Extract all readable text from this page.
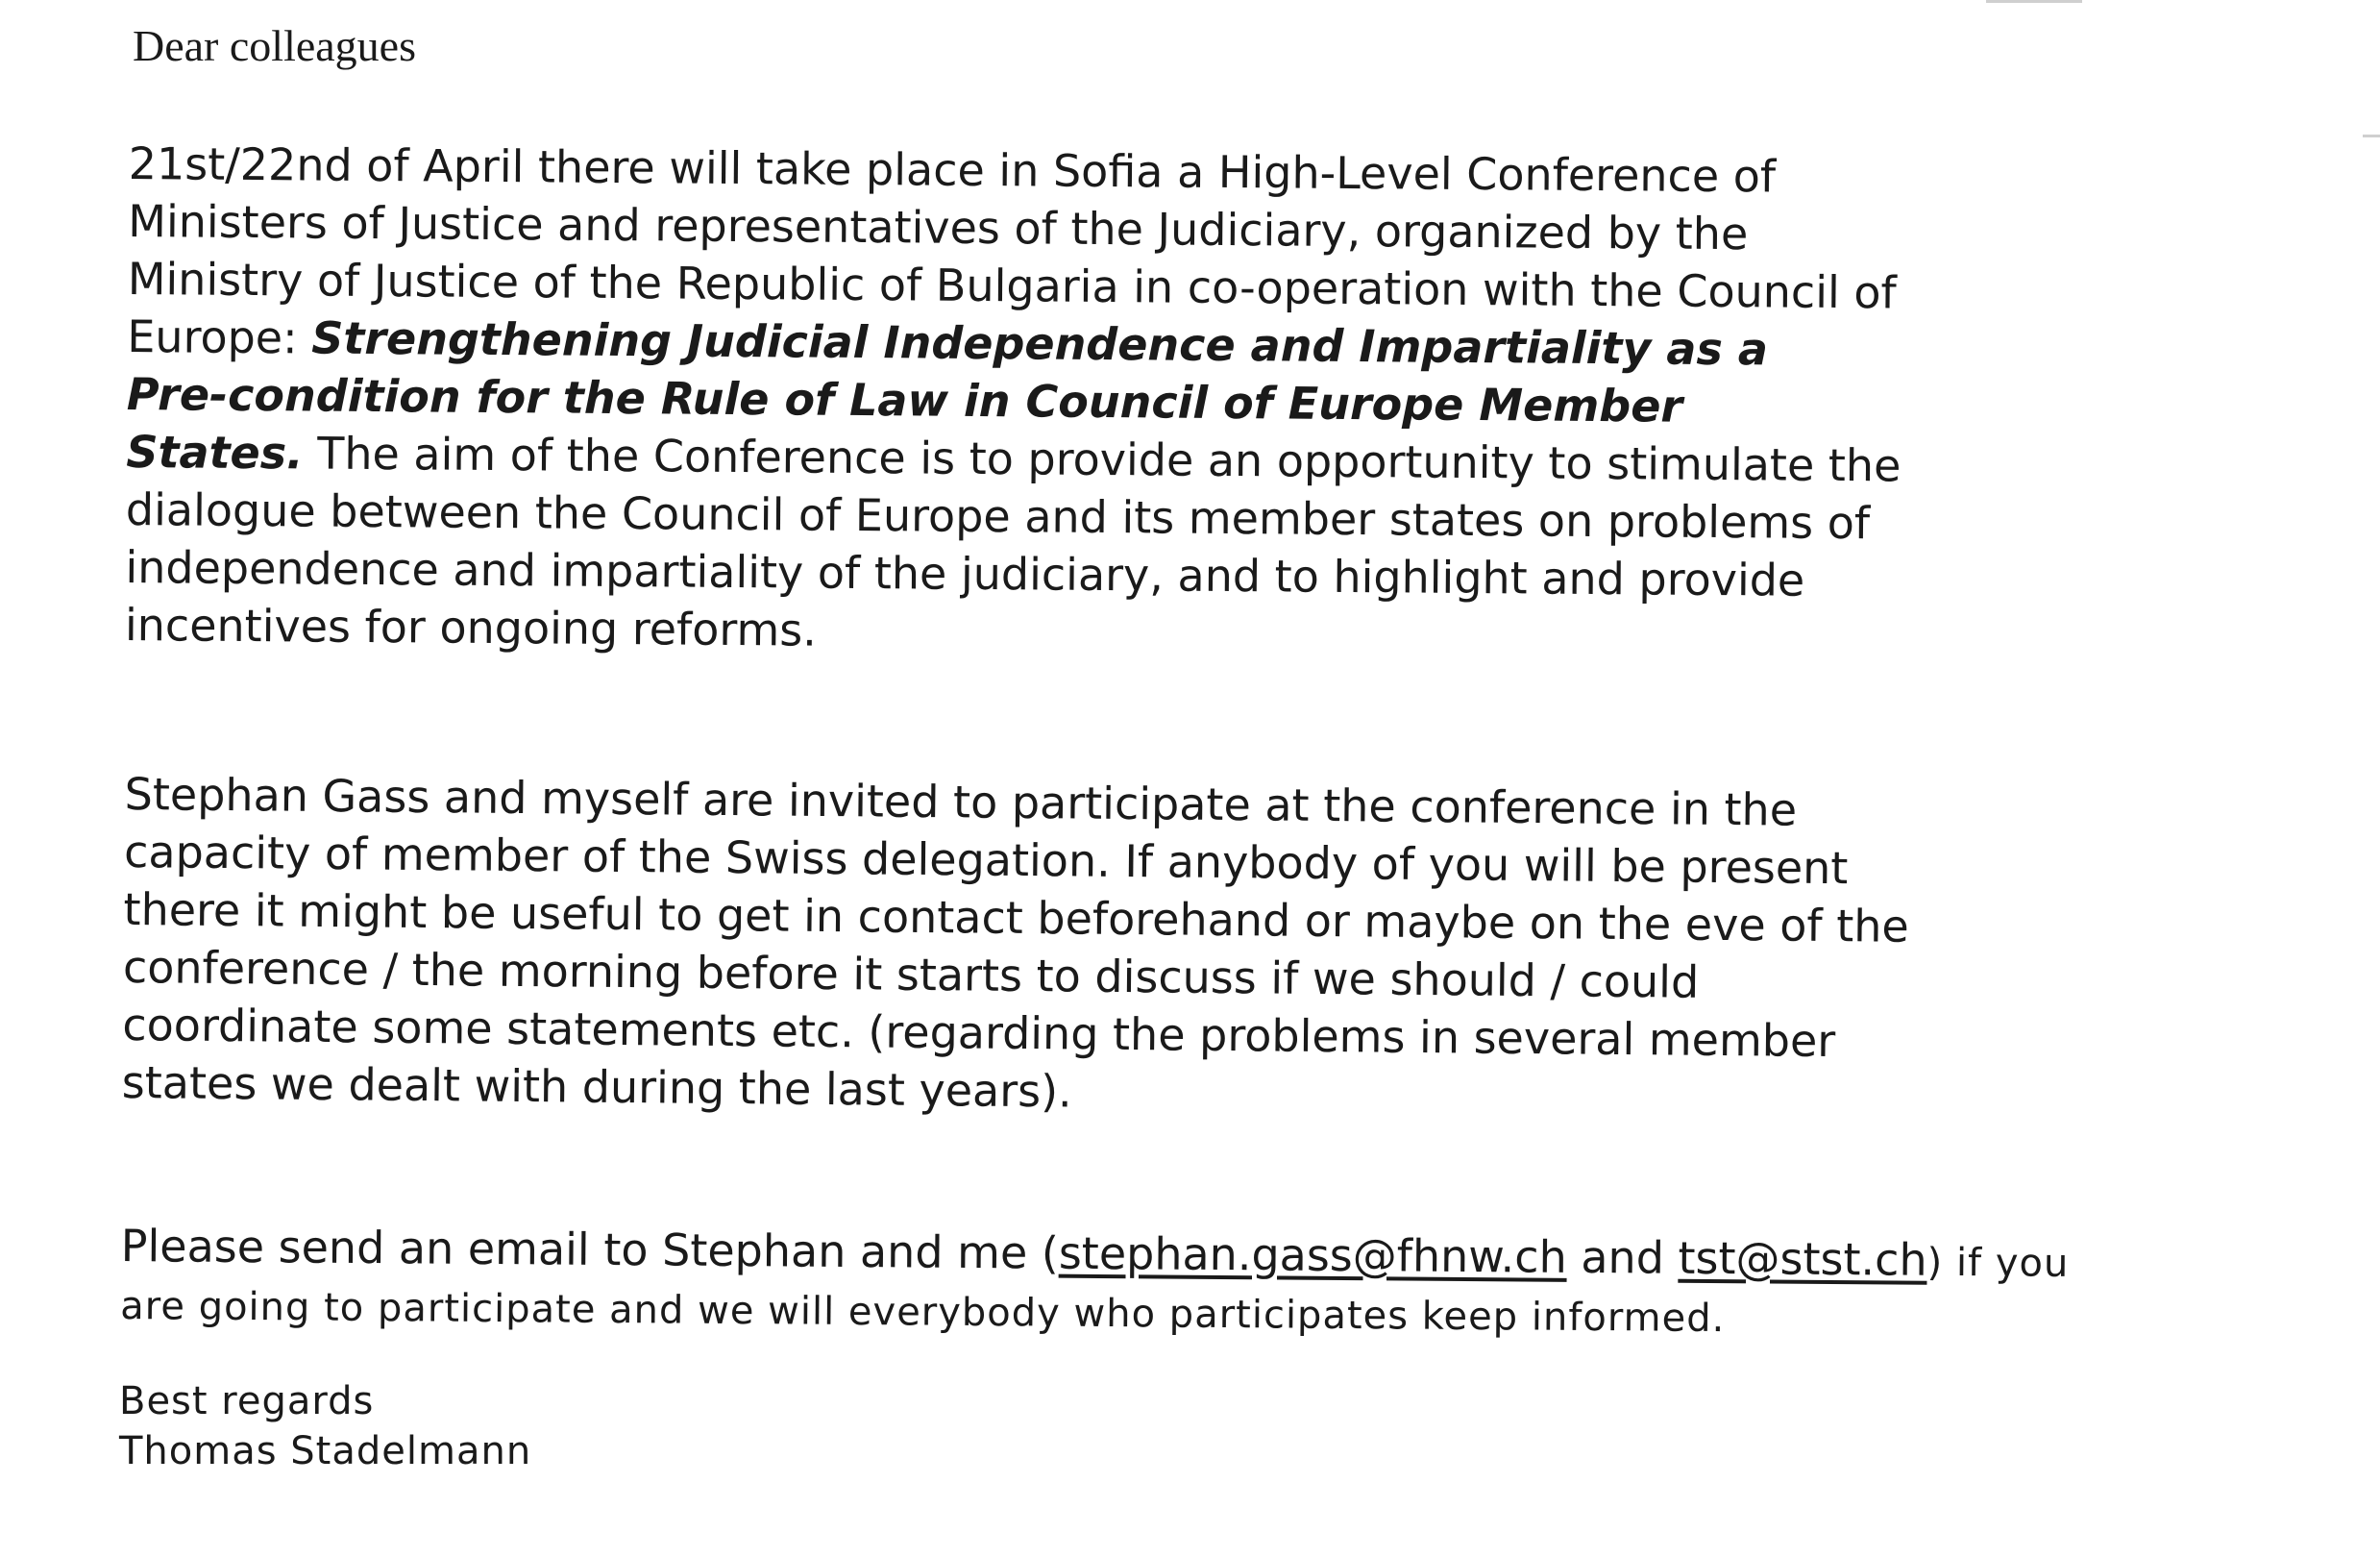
Dear colleagues

21st/22nd of April there will take place in Sofia a High-Level Conference of
Ministers of Justice and representatives of the Judiciary, organized by the
Ministry of Justice of the Republic of Bulgaria in co-operation with the Council of
Europe: Strengthening Judicial Independence and Impartiality as a
Pre-condition for the Rule of Law in Council of Europe Member
States. The aim of the Conference is to provide an opportunity to stimulate the
dialogue between the Council of Europe and its member states on problems of
independence and impartiality of the judiciary, and to highlight and provide
incentives for ongoing reforms.

Stephan Gass and myself are invited to participate at the conference in the
capacity of member of the Swiss delegation. If anybody of you will be present
there it might be useful to get in contact beforehand or maybe on the eve of the
conference / the morning before it starts to discuss if we should / could
coordinate some statements etc. (regarding the problems in several member
states we dealt with during the last years).

Please send an email to Stephan and me (stephan.gass@fhnw.ch and tst@stst.ch) if you
are going to participate and we will everybody who participates keep informed.

Best regards
Thomas Stadelmann
